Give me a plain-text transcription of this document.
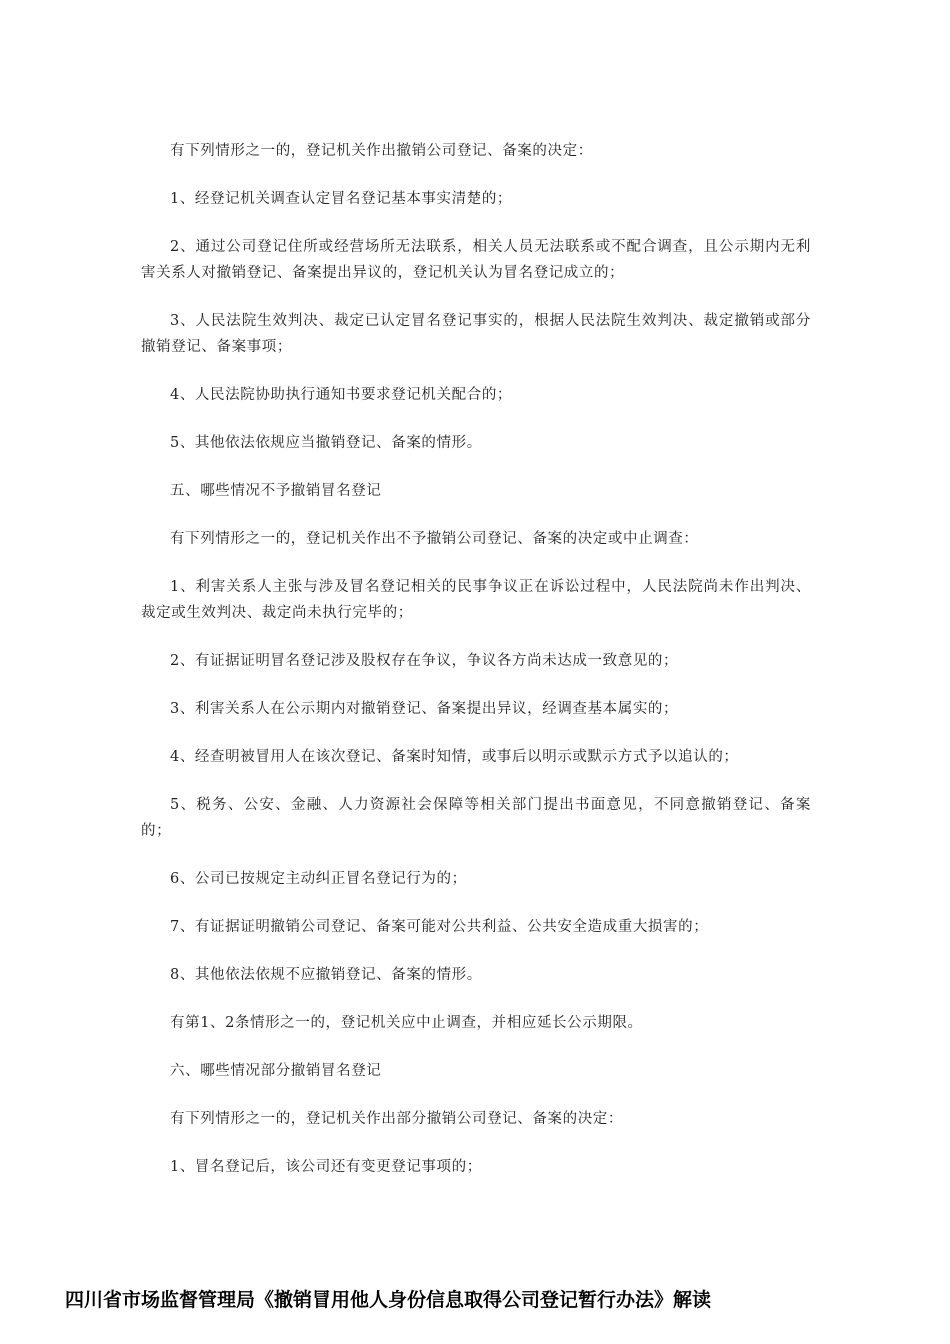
有下列情形之一的，登记机关作出撤销公司登记、备案的决定：

1、经登记机关调查认定冒名登记基本事实清楚的；

2、通过公司登记住所或经营场所无法联系，相关人员无法联系或不配合调查，且公示期内无利害关系人对撤销登记、备案提出异议的，登记机关认为冒名登记成立的；

3、人民法院生效判决、裁定已认定冒名登记事实的，根据人民法院生效判决、裁定撤销或部分撤销登记、备案事项；

4、人民法院协助执行通知书要求登记机关配合的；

5、其他依法依规应当撤销登记、备案的情形。

五、哪些情况不予撤销冒名登记

有下列情形之一的，登记机关作出不予撤销公司登记、备案的决定或中止调查：

1、利害关系人主张与涉及冒名登记相关的民事争议正在诉讼过程中，人民法院尚未作出判决、裁定或生效判决、裁定尚未执行完毕的；

2、有证据证明冒名登记涉及股权存在争议，争议各方尚未达成一致意见的；

3、利害关系人在公示期内对撤销登记、备案提出异议，经调查基本属实的；

4、经查明被冒用人在该次登记、备案时知情，或事后以明示或默示方式予以追认的；

5、税务、公安、金融、人力资源社会保障等相关部门提出书面意见，不同意撤销登记、备案的；

6、公司已按规定主动纠正冒名登记行为的；

7、有证据证明撤销公司登记、备案可能对公共利益、公共安全造成重大损害的；

8、其他依法依规不应撤销登记、备案的情形。

有第1、2条情形之一的，登记机关应中止调查，并相应延长公示期限。

六、哪些情况部分撤销冒名登记

有下列情形之一的，登记机关作出部分撤销公司登记、备案的决定：

1、冒名登记后，该公司还有变更登记事项的；

四川省市场监督管理局《撤销冒用他人身份信息取得公司登记暂行办法》解读
